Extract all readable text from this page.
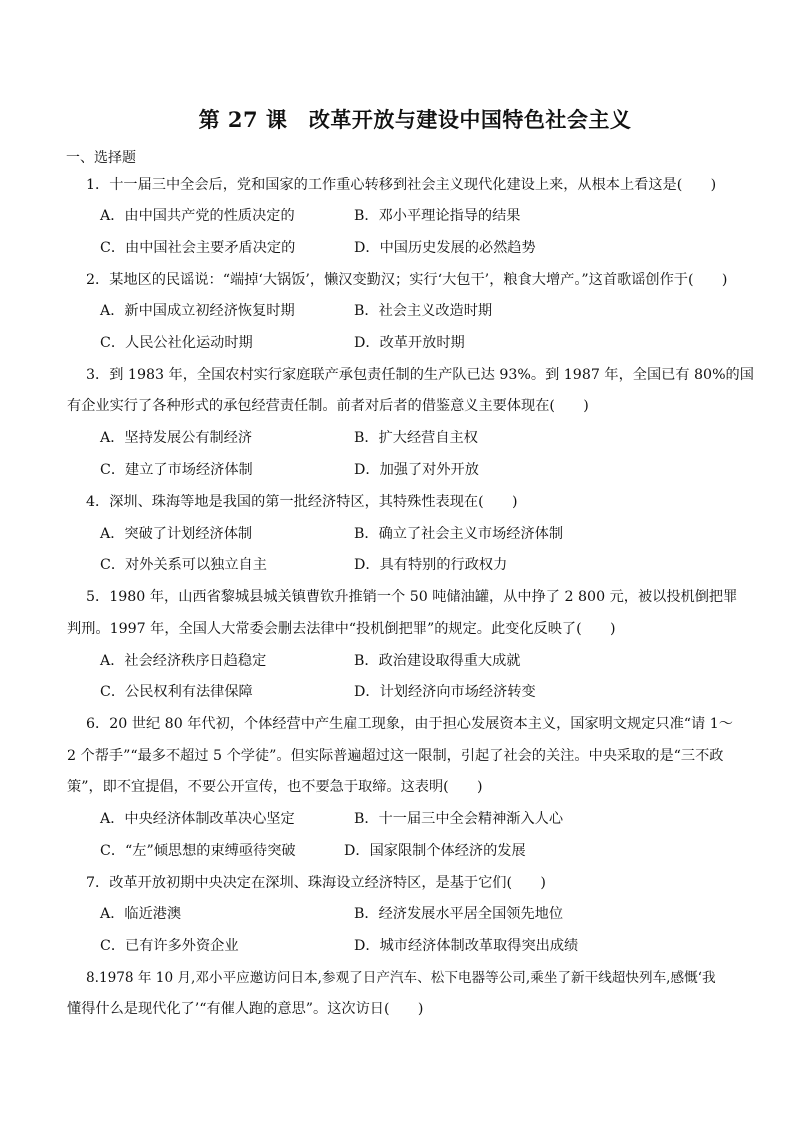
第 27 课　改革开放与建设中国特色社会主义
一、选择题
1．十一届三中全会后，党和国家的工作重心转移到社会主义现代化建设上来，从根本上看这是(　　)
A．由中国共产党的性质决定的	B．邓小平理论指导的结果
C．由中国社会主要矛盾决定的	D．中国历史发展的必然趋势
2．某地区的民谣说：“端掉‘大锅饭’，懒汉变勤汉；实行‘大包干’，粮食大增产。”这首歌谣创作于(　　)
A．新中国成立初经济恢复时期	B．社会主义改造时期
C．人民公社化运动时期	D．改革开放时期
3．到 1983 年，全国农村实行家庭联产承包责任制的生产队已达 93%。到 1987 年，全国已有 80%的国
有企业实行了各种形式的承包经营责任制。前者对后者的借鉴意义主要体现在(　　)
A．坚持发展公有制经济	B．扩大经营自主权
C．建立了市场经济体制	D．加强了对外开放
4．深圳、珠海等地是我国的第一批经济特区，其特殊性表现在(　　)
A．突破了计划经济体制	B．确立了社会主义市场经济体制
C．对外关系可以独立自主	D．具有特别的行政权力
5．1980 年，山西省黎城县城关镇曹钦升推销一个 50 吨储油罐，从中挣了 2 800 元，被以投机倒把罪
判刑。1997 年，全国人大常委会删去法律中“投机倒把罪”的规定。此变化反映了(　　)
A．社会经济秩序日趋稳定	B．政治建设取得重大成就
C．公民权利有法律保障	D．计划经济向市场经济转变
6．20 世纪 80 年代初，个体经营中产生雇工现象，由于担心发展资本主义，国家明文规定只准“请 1～
2 个帮手”“最多不超过 5 个学徒”。但实际普遍超过这一限制，引起了社会的关注。中央采取的是“三不政
策”，即不宜提倡，不要公开宣传，也不要急于取缔。这表明(　　)
A．中央经济体制改革决心坚定	B．十一届三中全会精神渐入人心
C．“左”倾思想的束缚亟待突破	D．国家限制个体经济的发展
7．改革开放初期中央决定在深圳、珠海设立经济特区，是基于它们(　　)
A．临近港澳	B．经济发展水平居全国领先地位
C．已有许多外资企业	D．城市经济体制改革取得突出成绩
8.1978 年 10 月,邓小平应邀访问日本,参观了日产汽车、松下电器等公司,乘坐了新干线超快列车,感慨‘我
懂得什么是现代化了’“有催人跑的意思”。这次访日(　　)
